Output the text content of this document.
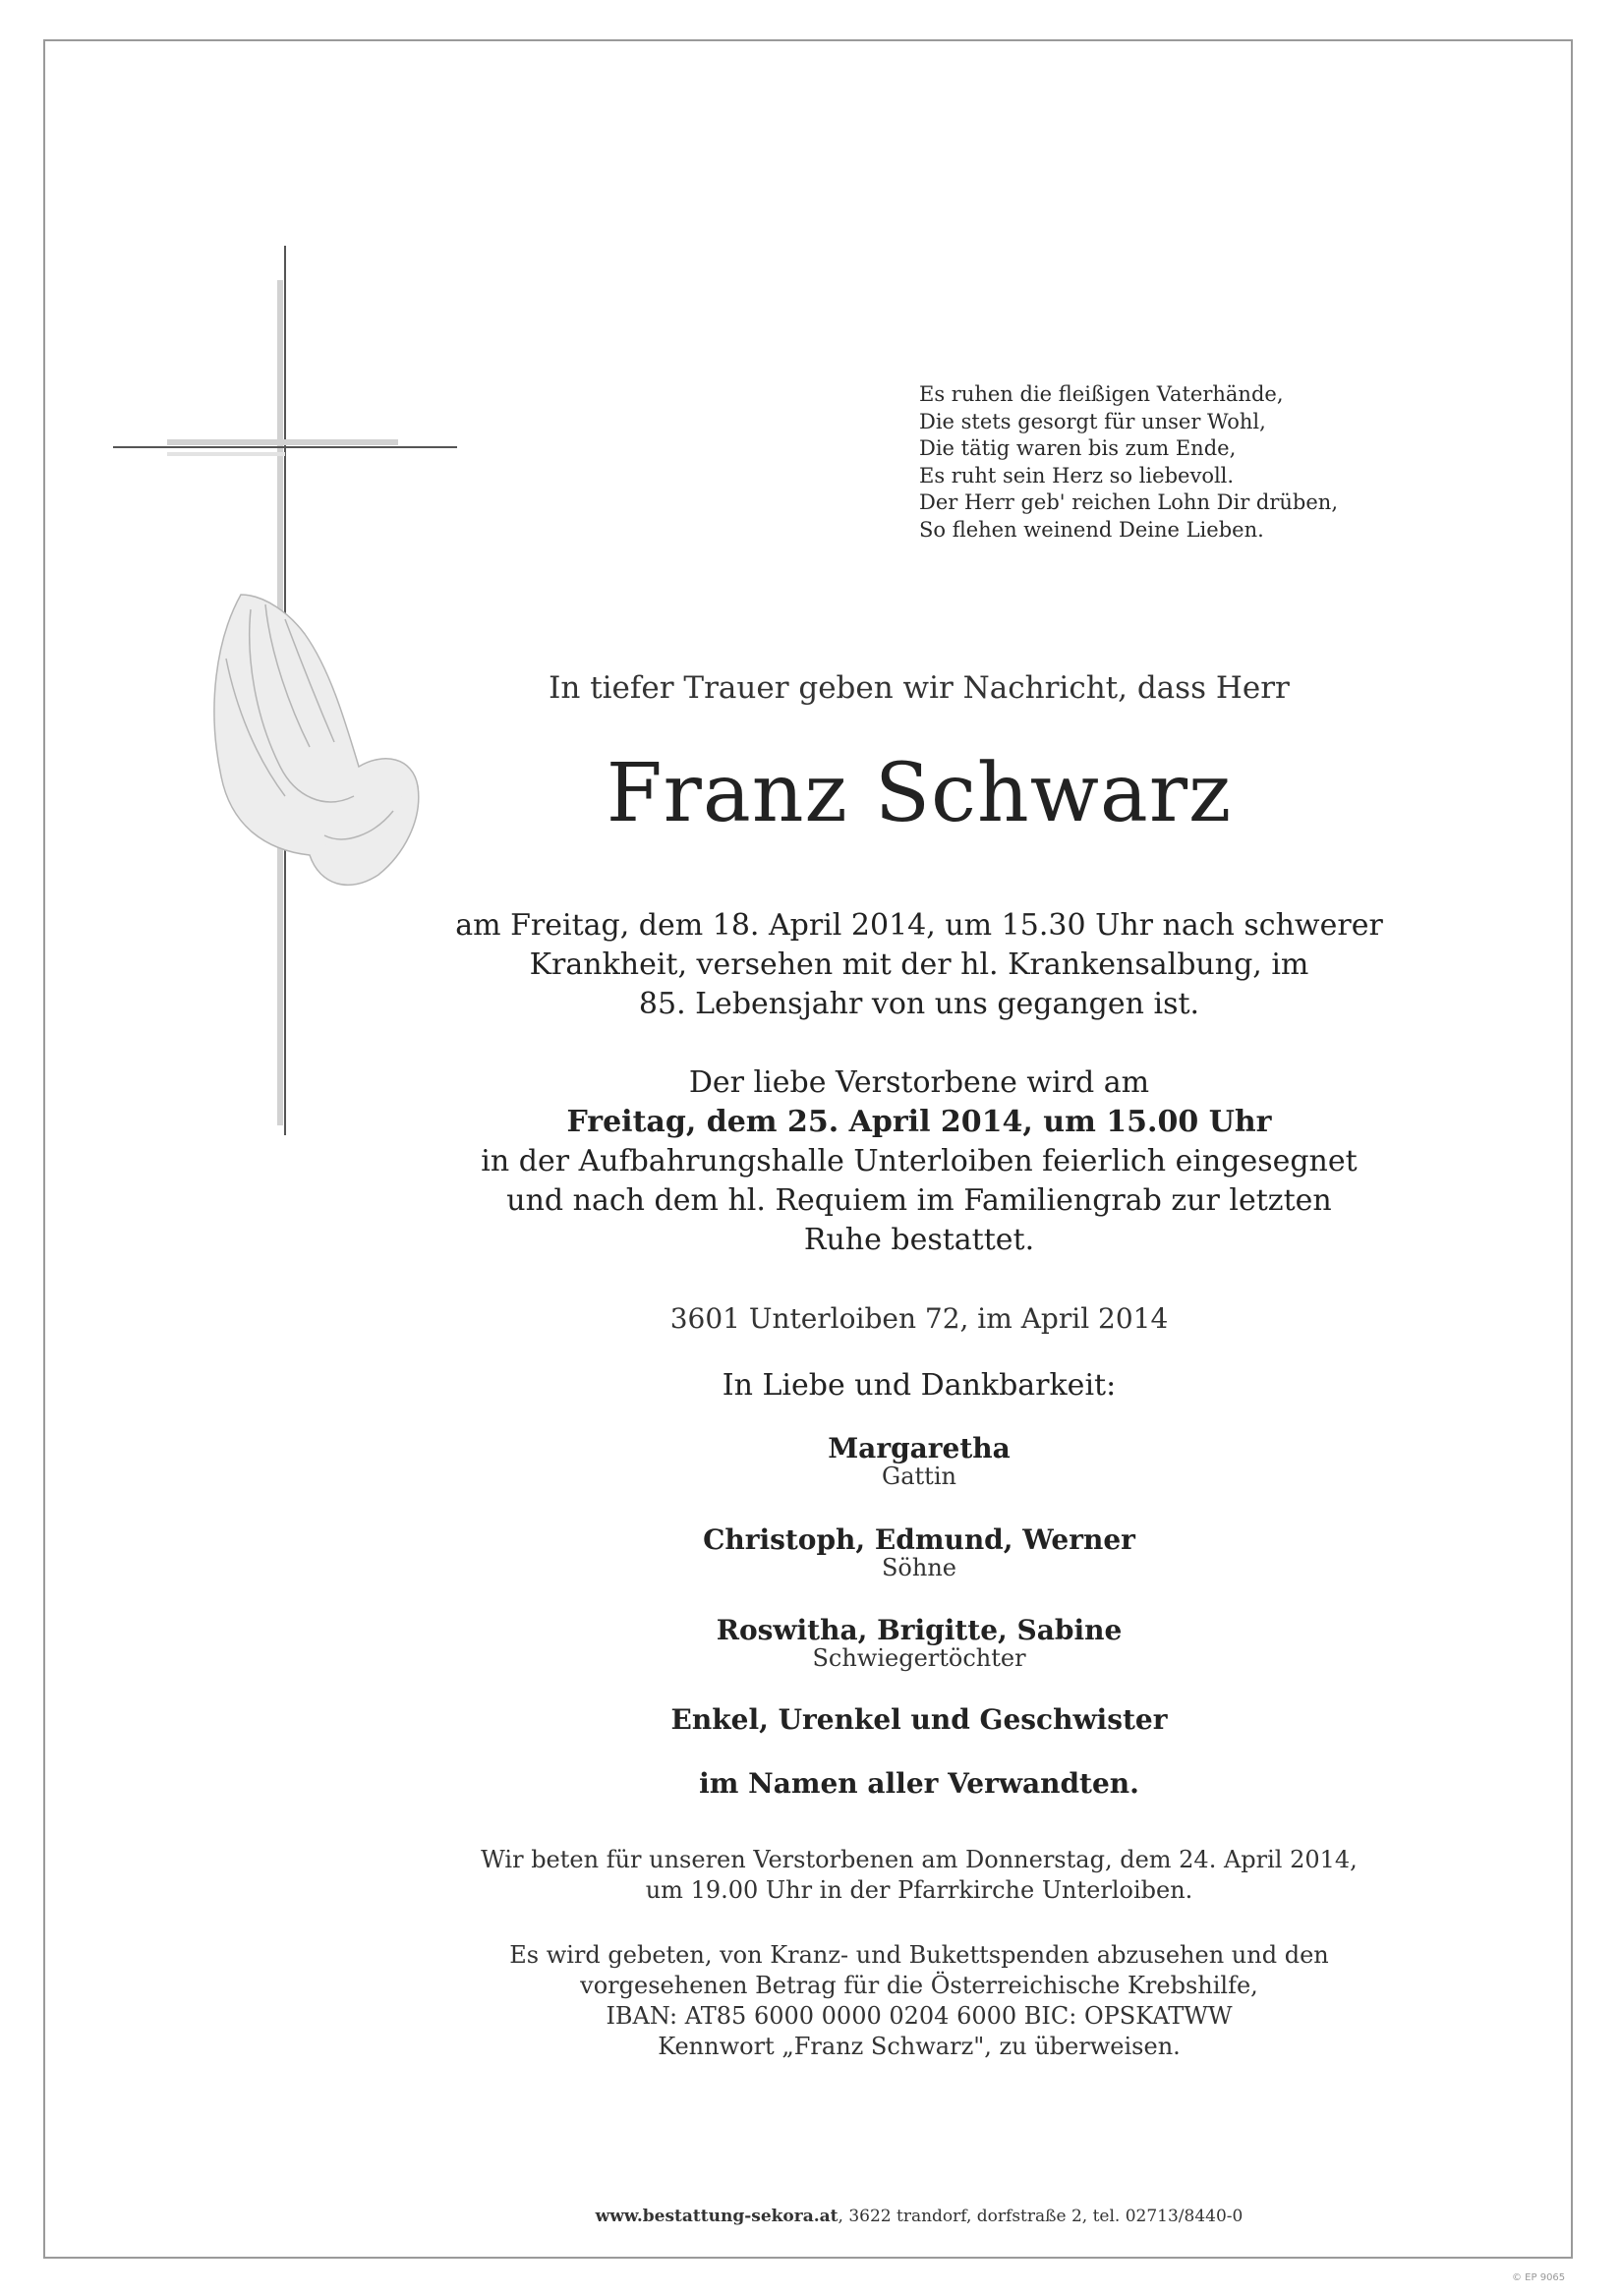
Es ruhen die fleißigen Vaterhände,
Die stets gesorgt für unser Wohl,
Die tätig waren bis zum Ende,
Es ruht sein Herz so liebevoll.
Der Herr geb' reichen Lohn Dir drüben,
So flehen weinend Deine Lieben.
In tiefer Trauer geben wir Nachricht, dass Herr
Franz Schwarz
am Freitag, dem 18. April 2014, um 15.30 Uhr nach schwerer
Krankheit, versehen mit der hl. Krankensalbung, im
85. Lebensjahr von uns gegangen ist.
Der liebe Verstorbene wird am
Freitag, dem 25. April 2014, um 15.00 Uhr
in der Aufbahrungshalle Unterloiben feierlich eingesegnet
und nach dem hl. Requiem im Familiengrab zur letzten
Ruhe bestattet.
3601 Unterloiben 72, im April 2014
In Liebe und Dankbarkeit:
Margaretha
Gattin
Christoph, Edmund, Werner
Söhne
Roswitha, Brigitte, Sabine
Schwiegertöchter
Enkel, Urenkel und Geschwister
im Namen aller Verwandten.
Wir beten für unseren Verstorbenen am Donnerstag, dem 24. April 2014,
um 19.00 Uhr in der Pfarrkirche Unterloiben.
Es wird gebeten, von Kranz- und Bukettspenden abzusehen und den
vorgesehenen Betrag für die Österreichische Krebshilfe,
IBAN: AT85 6000 0000 0204 6000 BIC: OPSKATWW
Kennwort „Franz Schwarz", zu überweisen.
www.bestattung-sekora.at, 3622 trandorf, dorfstraße 2, tel. 02713/8440-0
© EP 9065
